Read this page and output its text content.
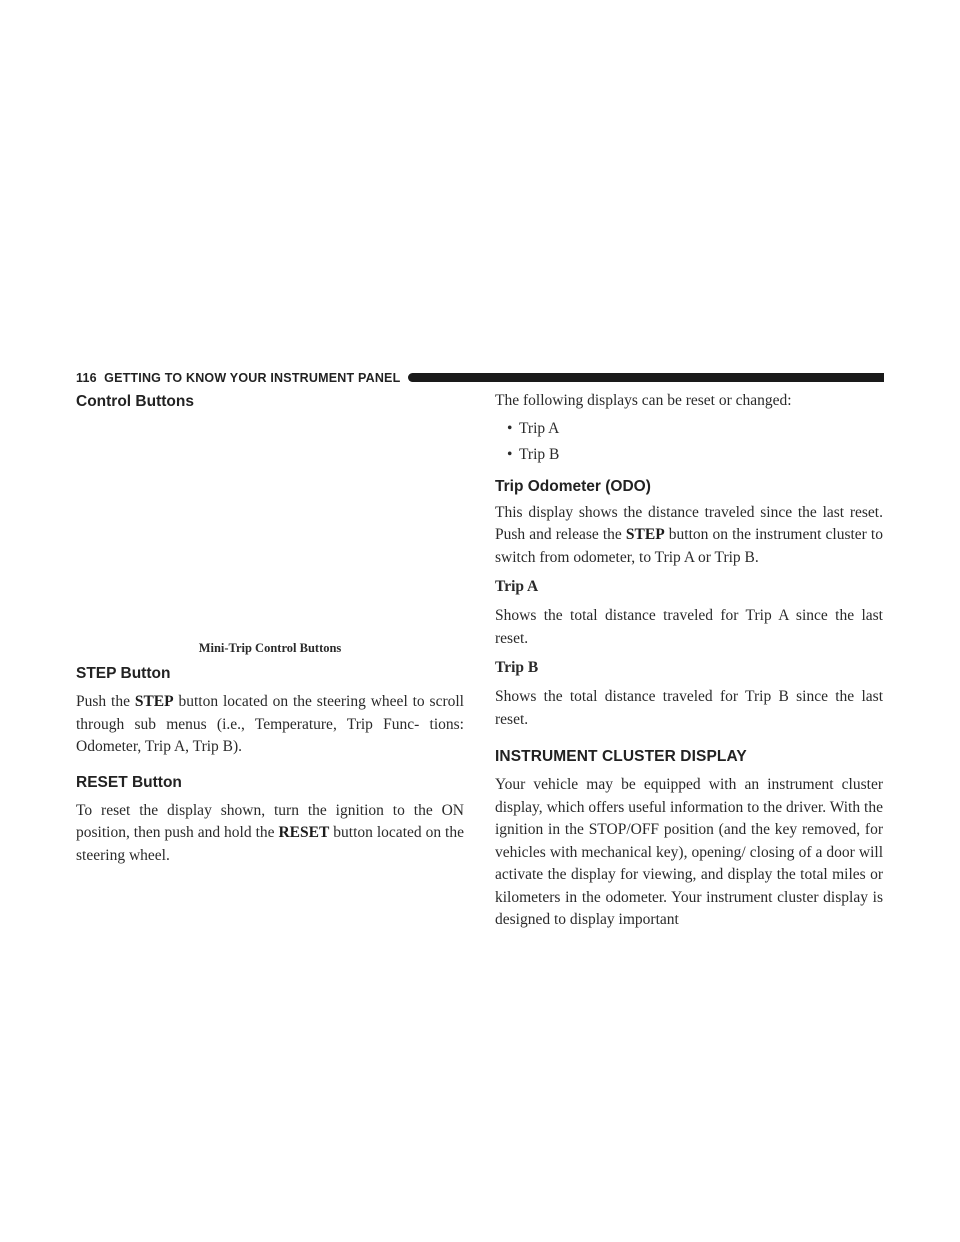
116 GETTING TO KNOW YOUR INSTRUMENT PANEL
Control Buttons
Mini-Trip Control Buttons
STEP Button

Push the STEP button located on the steering wheel to scroll through sub menus (i.e., Temperature, Trip Func- tions: Odometer, Trip A, Trip B).

RESET Button

To reset the display shown, turn the ignition to the ON position, then push and hold the RESET button located on the steering wheel.

The following displays can be reset or changed:

• Trip A
• Trip B
Trip Odometer (ODO)

This display shows the distance traveled since the last reset. Push and release the STEP button on the instrument cluster to switch from odometer, to Trip A or Trip B.

Trip A

Shows the total distance traveled for Trip A since the last reset.

Trip B

Shows the total distance traveled for Trip B since the last reset.

INSTRUMENT CLUSTER DISPLAY

Your vehicle may be equipped with an instrument cluster display, which offers useful information to the driver. With the ignition in the STOP/OFF position (and the key removed, for vehicles with mechanical key), opening/ closing of a door will activate the display for viewing, and display the total miles or kilometers in the odometer. Your instrument cluster display is designed to display important
